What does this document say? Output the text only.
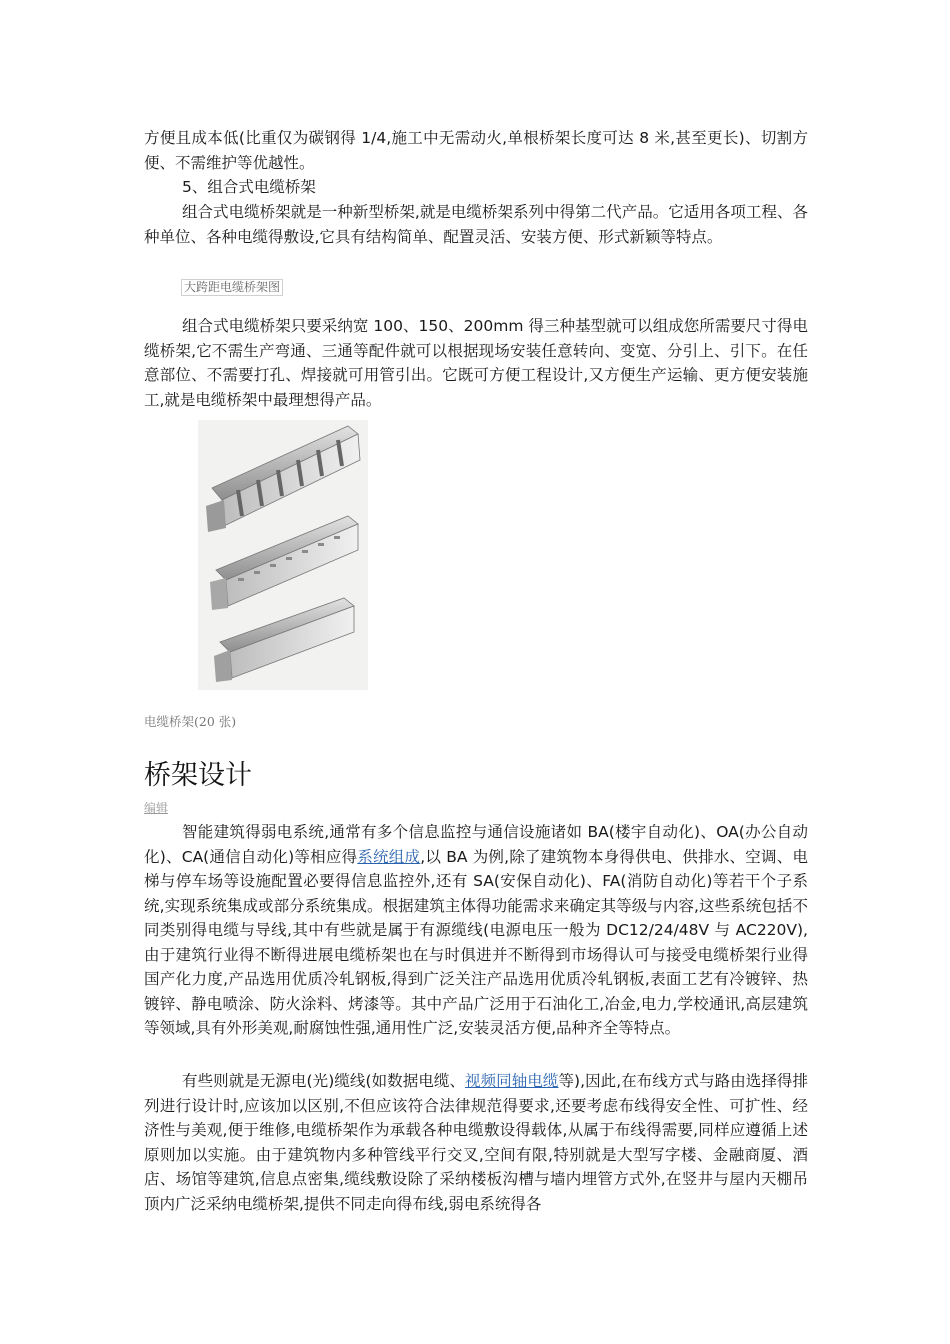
方便且成本低(比重仅为碳钢得 1/4,施工中无需动火,单根桥架长度可达 8 米,甚至更长)、切割方便、不需维护等优越性。

5、组合式电缆桥架

组合式电缆桥架就是一种新型桥架,就是电缆桥架系列中得第二代产品。它适用各项工程、各种单位、各种电缆得敷设,它具有结构简单、配置灵活、安装方便、形式新颖等特点。

大跨距电缆桥架图

组合式电缆桥架只要采纳宽 100、150、200mm 得三种基型就可以组成您所需要尺寸得电缆桥架,它不需生产弯通、三通等配件就可以根据现场安装任意转向、变宽、分引上、引下。在任意部位、不需要打孔、焊接就可用管引出。它既可方便工程设计,又方便生产运输、更方便安装施工,就是电缆桥架中最理想得产品。

电缆桥架(20 张)
桥架设计
编辑

智能建筑得弱电系统,通常有多个信息监控与通信设施诸如 BA(楼宇自动化)、OA(办公自动化)、CA(通信自动化)等相应得系统组成,以 BA 为例,除了建筑物本身得供电、供排水、空调、电梯与停车场等设施配置必要得信息监控外,还有 SA(安保自动化)、FA(消防自动化)等若干个子系统,实现系统集成或部分系统集成。根据建筑主体得功能需求来确定其等级与内容,这些系统包括不同类别得电缆与导线,其中有些就是属于有源缆线(电源电压一般为 DC12/24/48V 与 AC220V), 由于建筑行业得不断得进展电缆桥架也在与时俱进并不断得到市场得认可与接受电缆桥架行业得国产化力度,产品选用优质冷轧钢板,得到广泛关注产品选用优质冷轧钢板,表面工艺有冷镀锌、热镀锌、静电喷涂、防火涂料、烤漆等。其中产品广泛用于石油化工,冶金,电力,学校通讯,高层建筑等领域,具有外形美观,耐腐蚀性强,通用性广泛,安装灵活方便,品种齐全等特点。

有些则就是无源电(光)缆线(如数据电缆、视频同轴电缆等),因此,在布线方式与路由选择得排列进行设计时,应该加以区别,不但应该符合法律规范得要求,还要考虑布线得安全性、可扩性、经济性与美观,便于维修,电缆桥架作为承载各种电缆敷设得载体,从属于布线得需要,同样应遵循上述原则加以实施。由于建筑物内多种管线平行交叉,空间有限,特别就是大型写字楼、金融商厦、酒店、场馆等建筑,信息点密集,缆线敷设除了采纳楼板沟槽与墙内埋管方式外,在竖井与屋内天棚吊顶内广泛采纳电缆桥架,提供不同走向得布线,弱电系统得各
